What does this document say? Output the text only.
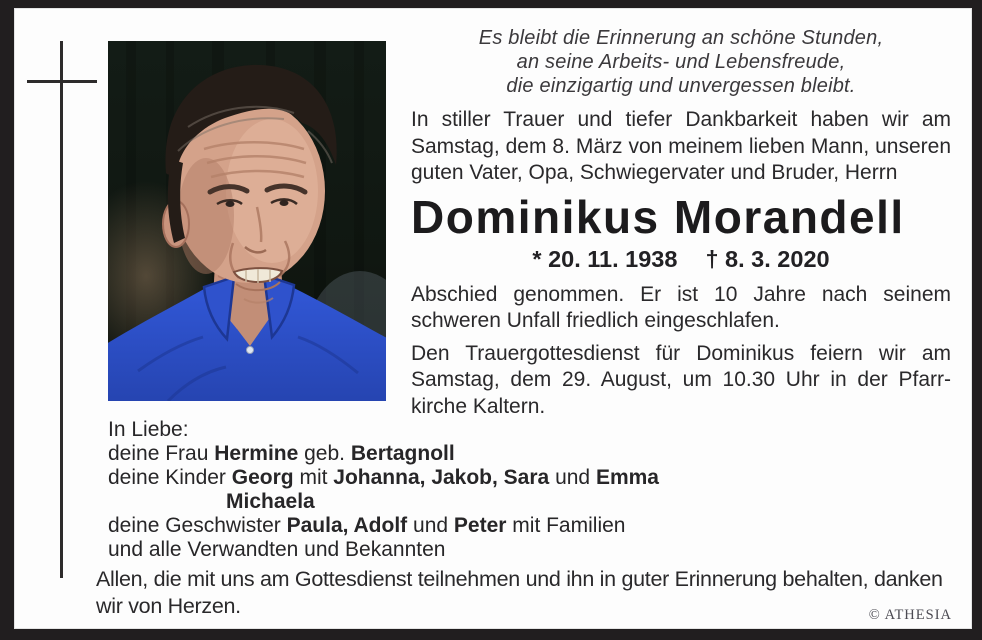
Es bleibt die Erinnerung an schöne Stunden,
an seine Arbeits- und Lebensfreude,
die einzigartig und unvergessen bleibt.

In stiller Trauer und tiefer Dankbarkeit haben wir am Samstag, dem 8. März von meinem lieben Mann, unseren guten Vater, Opa, Schwiegervater und Bruder, Herrn

Dominikus Morandell
* 20. 11. 1938 † 8. 3. 2020

Abschied genommen. Er ist 10 Jahre nach seinem schweren Unfall friedlich eingeschlafen.

Den Trauergottesdienst für Dominikus feiern wir am Samstag, dem 29. August, um 10.30 Uhr in der Pfarrkirche Kaltern.

In Liebe:
deine Frau Hermine geb. Bertagnoll
deine Kinder Georg mit Johanna, Jakob, Sara und Emma
Michaela
deine Geschwister Paula, Adolf und Peter mit Familien
und alle Verwandten und Bekannten

Allen, die mit uns am Gottesdienst teilnehmen und ihn in guter Erinnerung behalten, danken wir von Herzen.	© ATHESIA
